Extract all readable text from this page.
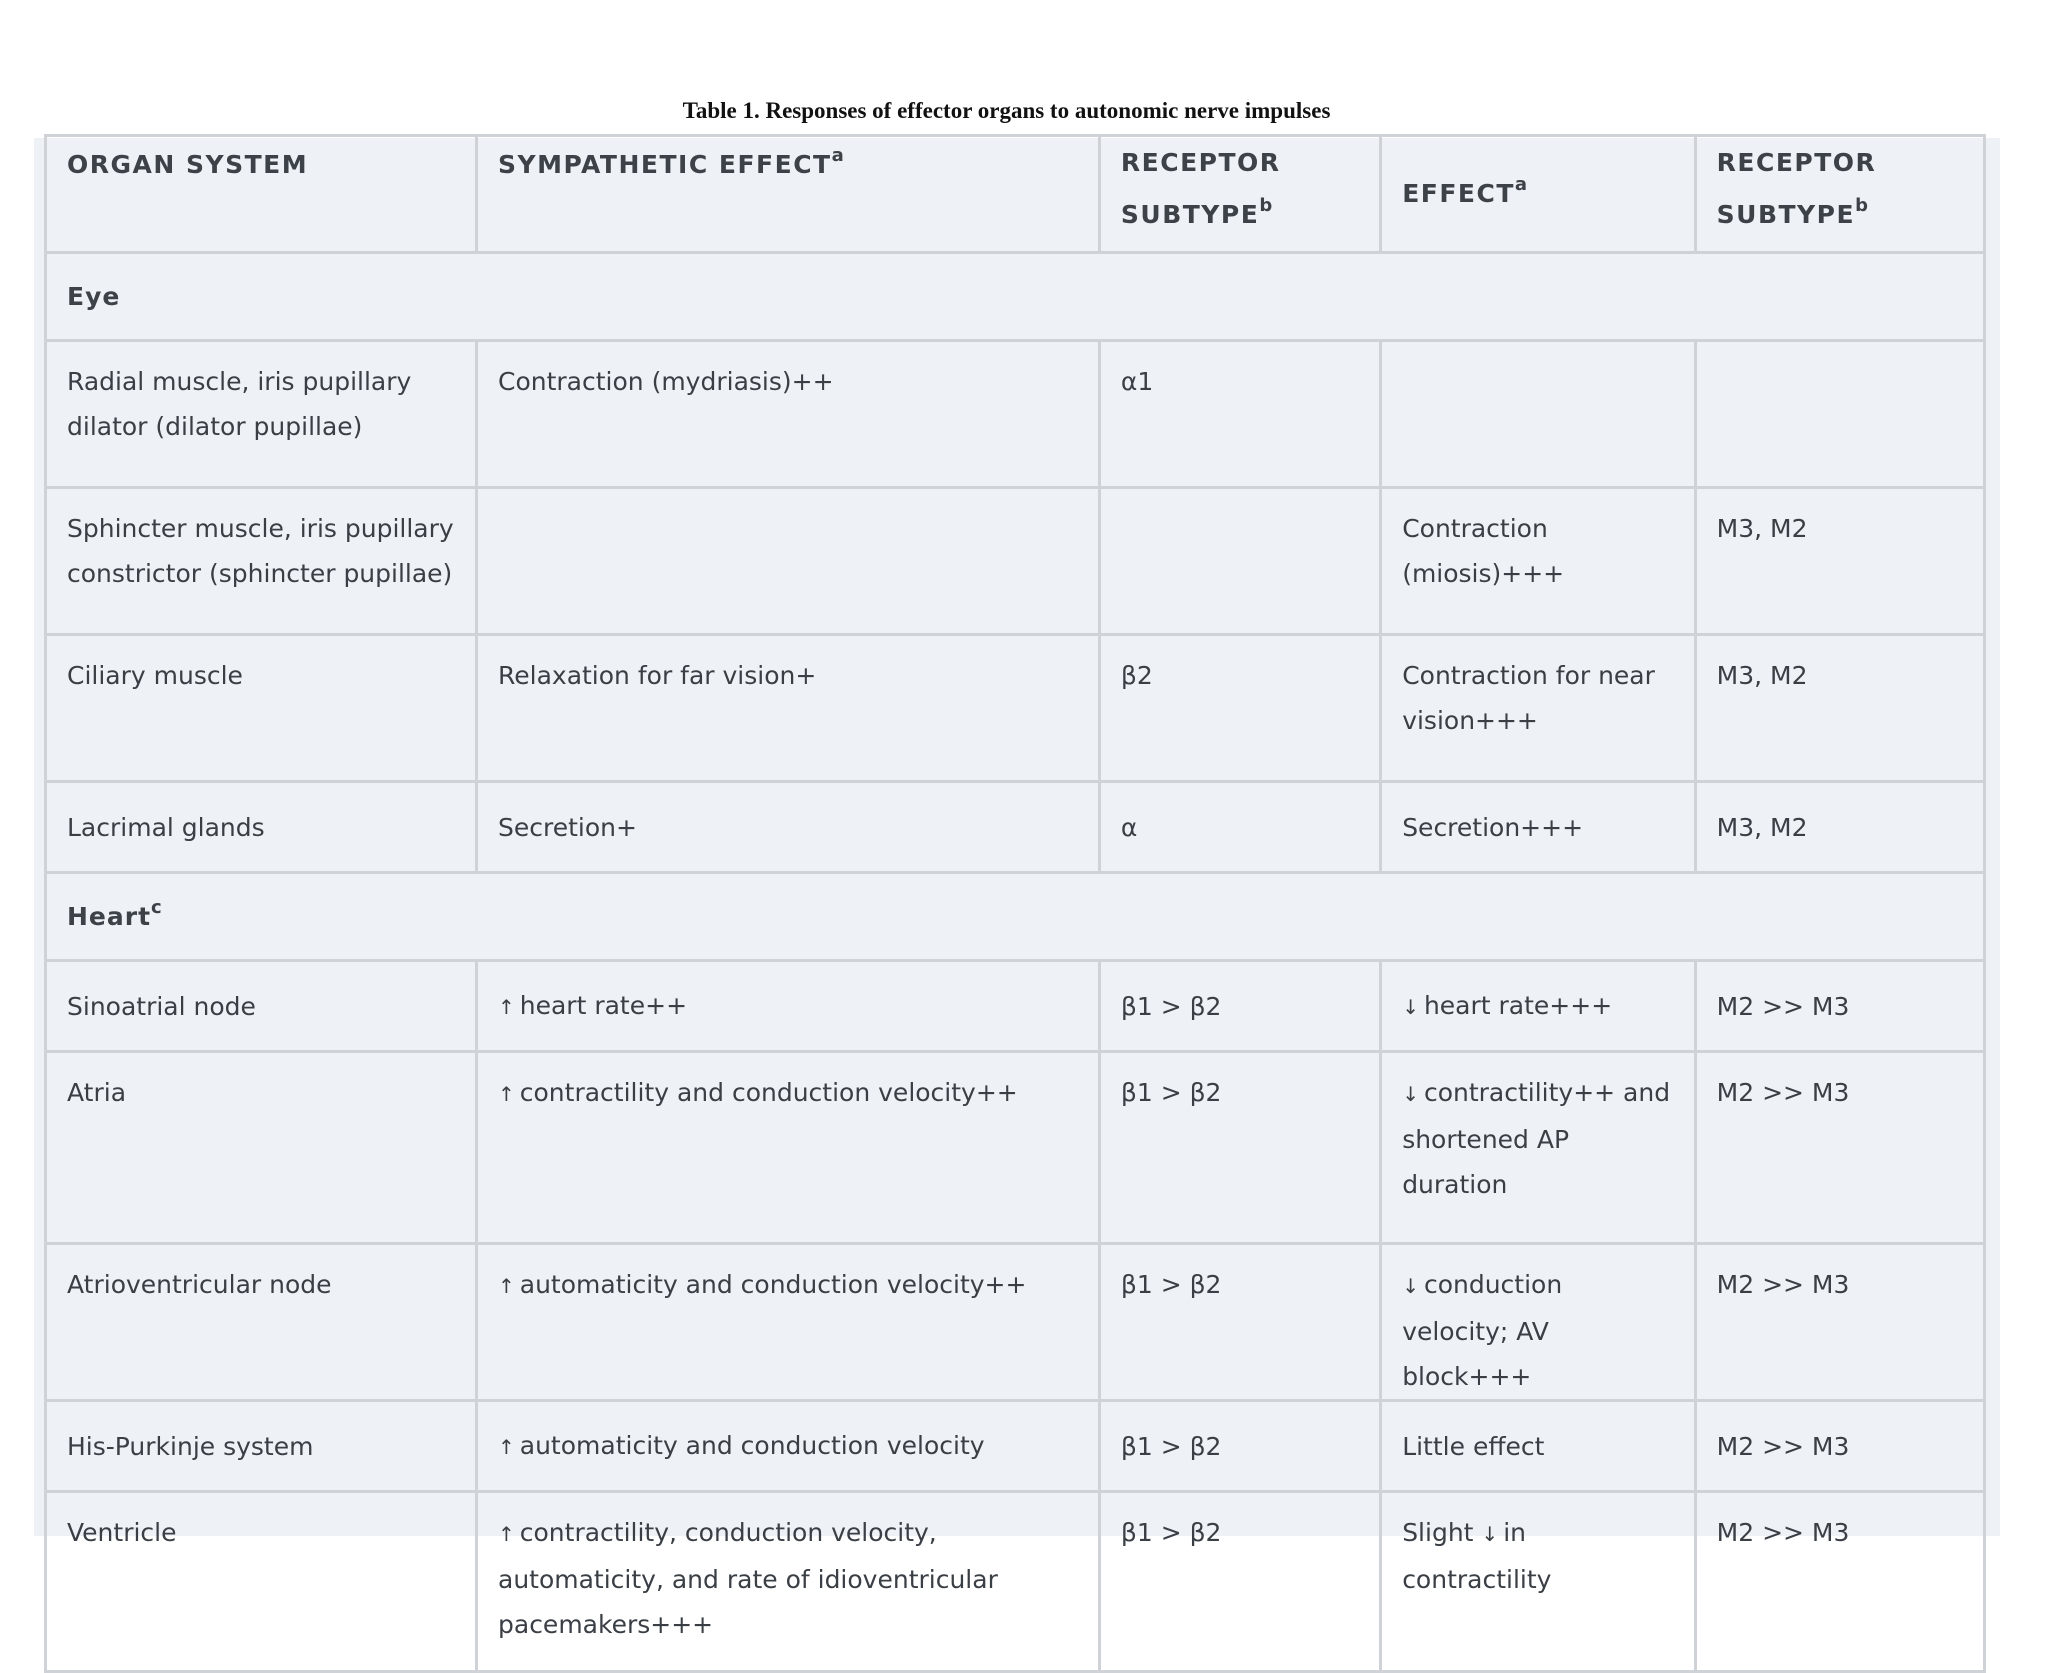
Table 1. Responses of effector organs to autonomic nerve impulses
ORGAN SYSTEM	SYMPATHETIC EFFECT$^a$	RECEPTOR SUBTYPE$^b$	EFFECT$^a$	RECEPTOR SUBTYPE$^b$
Eye				
Radial muscle, iris pupillary dilator (dilator pupillae)	Contraction (mydriasis)++	α1		
Sphincter muscle, iris pupillary constrictor (sphincter pupillae)			Contraction (miosis)+++	M3, M2
Ciliary muscle	Relaxation for far vision+	β2	Contraction for near vision+++	M3, M2
Lacrimal glands	Secretion+	α	Secretion+++	M3, M2
Heart$^c$
Sinoatrial node	↑ heart rate++	β1 > β2	↓ heart rate+++	M2 >> M3
Atria	↑ contractility and conduction velocity++	β1 > β2	↓ contractility++ and shortened AP duration	M2 >> M3
Atrioventricular node	↑ automaticity and conduction velocity++	β1 > β2	↓ conduction velocity; AV block+++	M2 >> M3
His-Purkinje system	↑ automaticity and conduction velocity	β1 > β2	Little effect	M2 >> M3
Ventricle	↑ contractility, conduction velocity, automaticity, and rate of idioventricular pacemakers+++	β1 > β2	Slight ↓ in contractility	M2 >> M3
